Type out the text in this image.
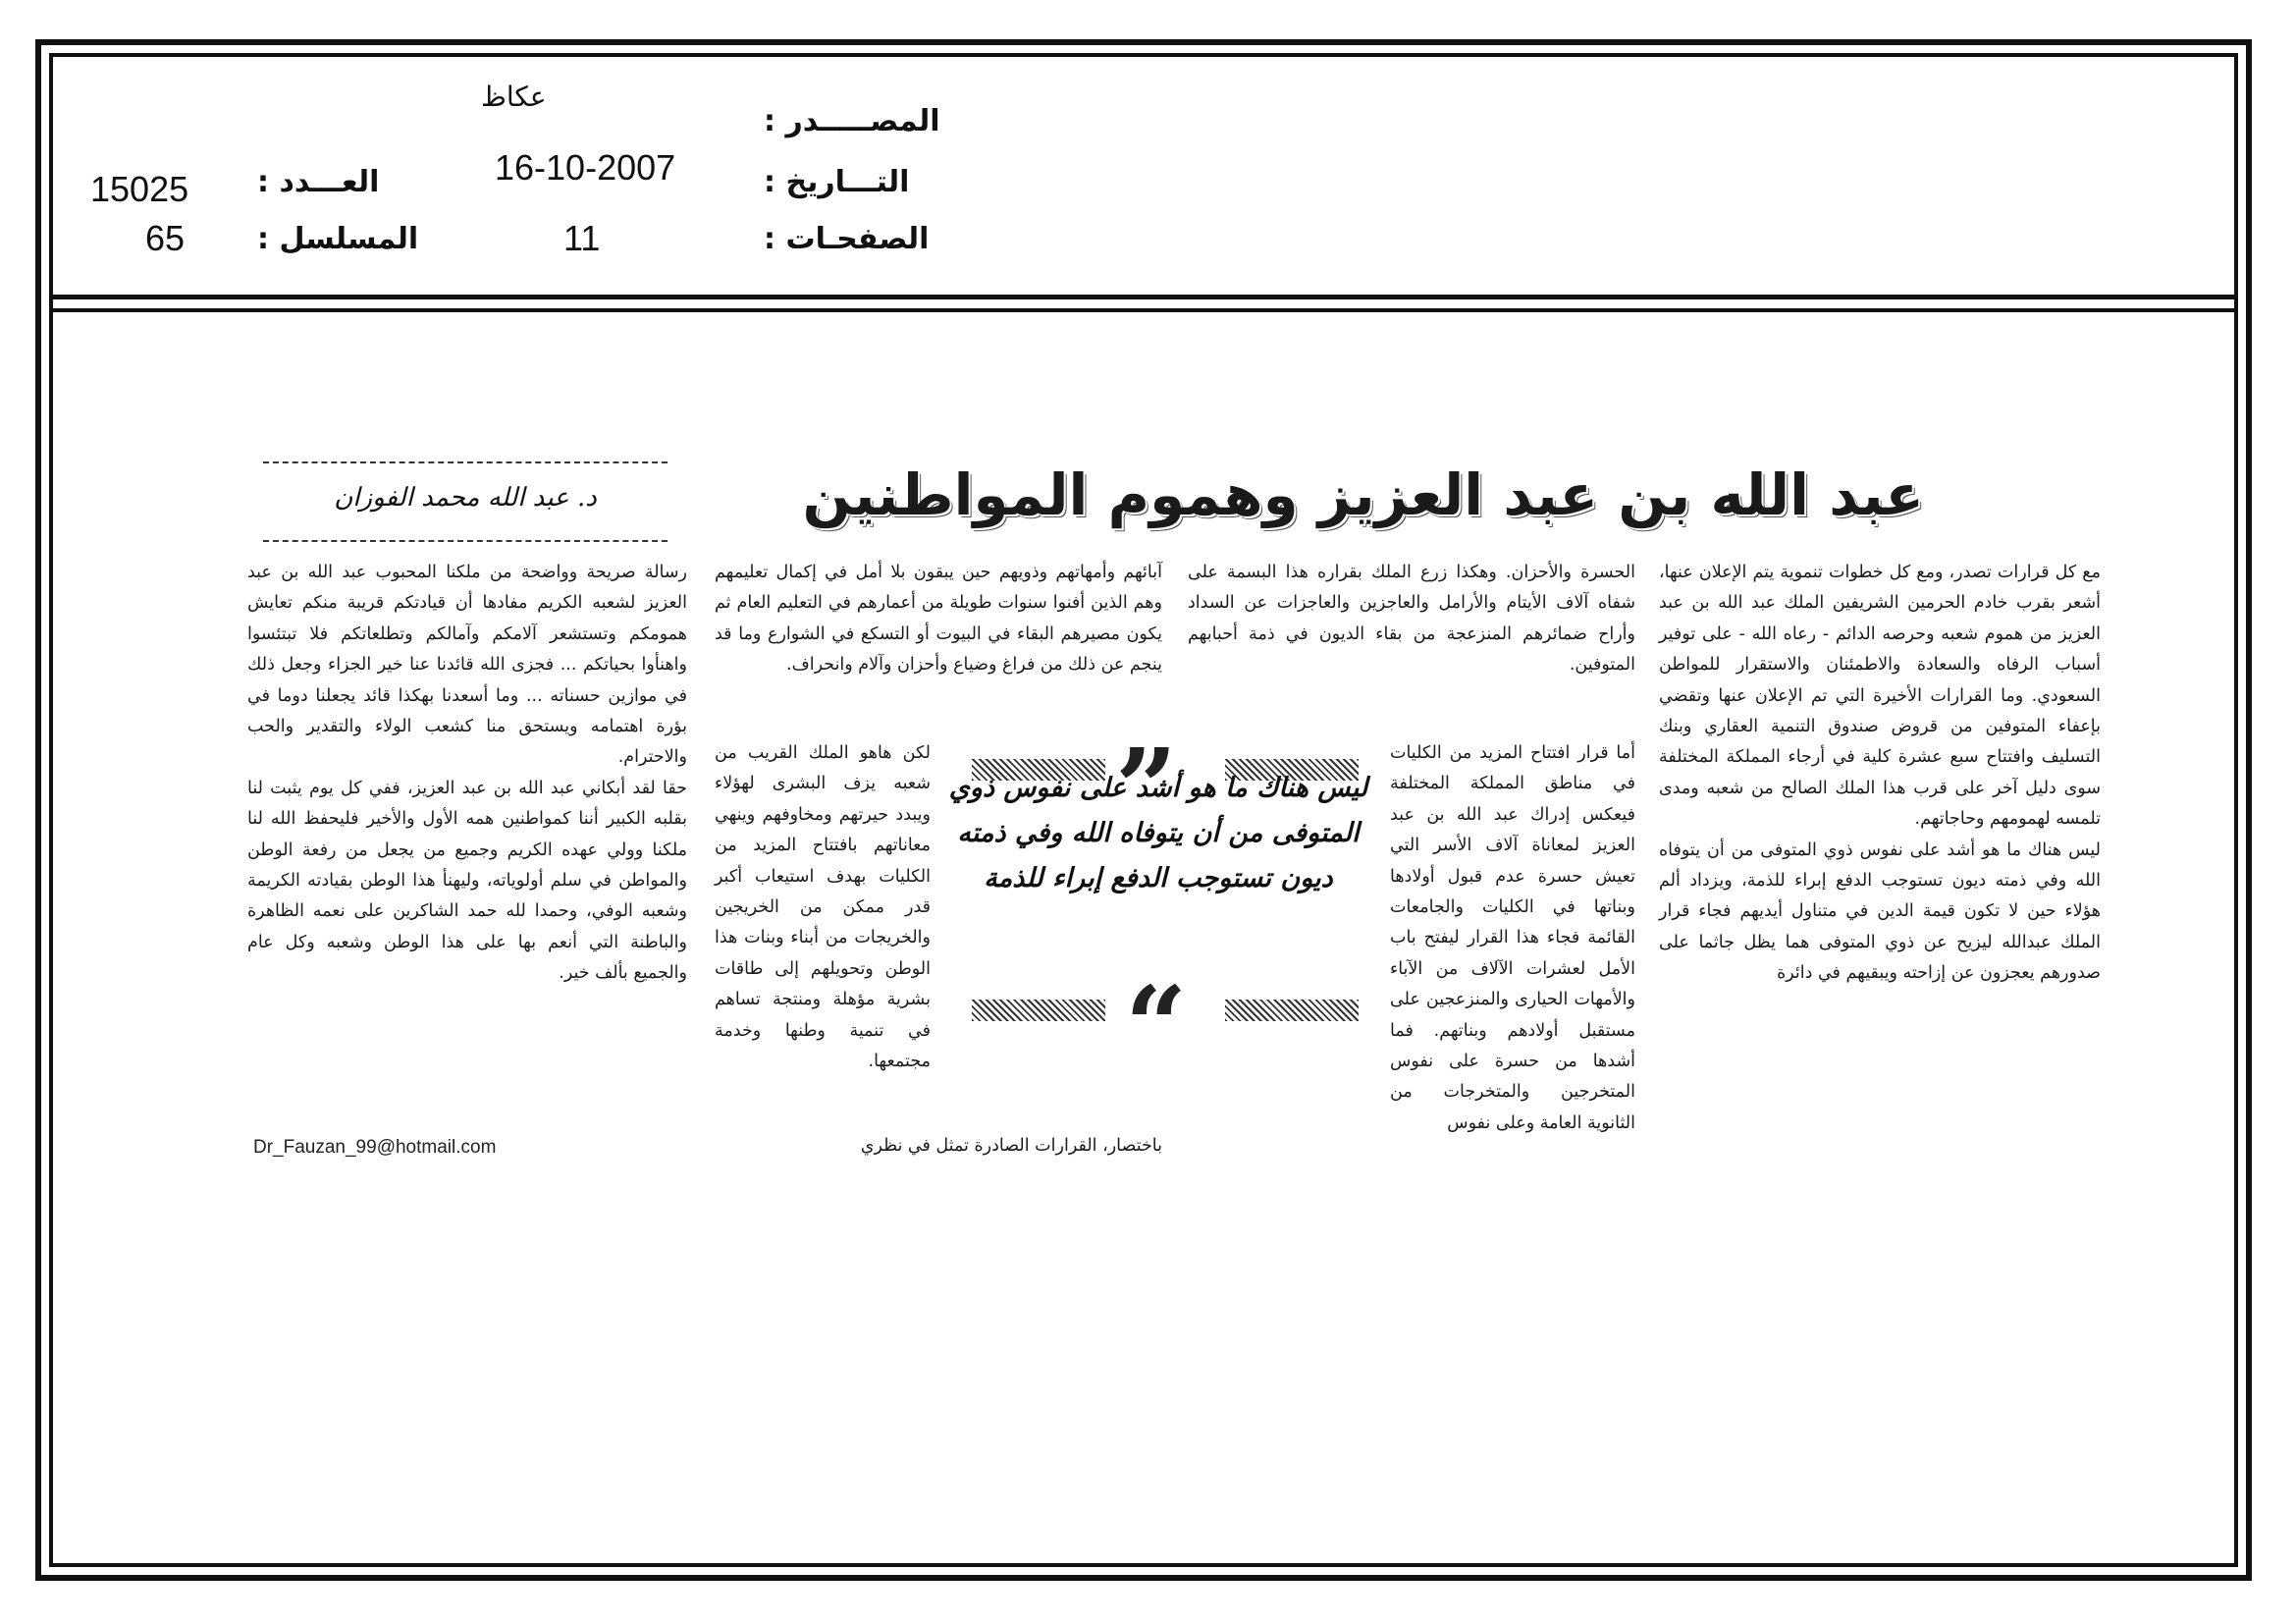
المصـــــدر :
عكاظ
التـــاريخ :
16-10-2007
الصفحـات :
11
العـــدد :
15025
المسلسل :
65
عبد الله بن عبد العزيز وهموم المواطنين
د. عبد الله محمد الفوزان

مع كل قرارات تصدر، ومع كل خطوات تنموية يتم الإعلان عنها، أشعر بقرب خادم الحرمين الشريفين الملك عبد الله بن عبد العزيز من هموم شعبه وحرصه الدائم - رعاه الله - على توفير أسباب الرفاه والسعادة والاطمئنان والاستقرار للمواطن السعودي. وما القرارات الأخيرة التي تم الإعلان عنها وتقضي بإعفاء المتوفين من قروض صندوق التنمية العقاري وبنك التسليف وافتتاح سبع عشرة كلية في أرجاء المملكة المختلفة سوى دليل آخر على قرب هذا الملك الصالح من شعبه ومدى تلمسه لهمومهم وحاجاتهم.

ليس هناك ما هو أشد على نفوس ذوي المتوفى من أن يتوفاه الله وفي ذمته ديون تستوجب الدفع إبراء للذمة، ويزداد ألم هؤلاء حين لا تكون قيمة الدين في متناول أيديهم فجاء قرار الملك عبدالله ليزيح عن ذوي المتوفى هما يظل جاثما على صدورهم يعجزون عن إزاحته ويبقيهم في دائرة

الحسرة والأحزان. وهكذا زرع الملك بقراره هذا البسمة على شفاه آلاف الأيتام والأرامل والعاجزين والعاجزات عن السداد وأراح ضمائرهم المنزعجة من بقاء الديون في ذمة أحبابهم المتوفين.

أما قرار افتتاح المزيد من الكليات في مناطق المملكة المختلفة فيعكس إدراك عبد الله بن عبد العزيز لمعاناة آلاف الأسر التي تعيش حسرة عدم قبول أولادها وبناتها في الكليات والجامعات القائمة فجاء هذا القرار ليفتح باب الأمل لعشرات الآلاف من الآباء والأمهات الحيارى والمنزعجين على مستقبل أولادهم وبناتهم. فما أشدها من حسرة على نفوس المتخرجين والمتخرجات من الثانوية العامة وعلى نفوس

آبائهم وأمهاتهم وذويهم حين يبقون بلا أمل في إكمال تعليمهم وهم الذين أفنوا سنوات طويلة من أعمارهم في التعليم العام ثم يكون مصيرهم البقاء في البيوت أو التسكع في الشوارع وما قد ينجم عن ذلك من فراغ وضياع وأحزان وآلام وانحراف.

لكن هاهو الملك القريب من شعبه يزف البشرى لهؤلاء ويبدد حيرتهم ومخاوفهم وينهي معاناتهم بافتتاح المزيد من الكليات بهدف استيعاب أكبر قدر ممكن من الخريجين والخريجات من أبناء وبنات هذا الوطن وتحويلهم إلى طاقات بشرية مؤهلة ومنتجة تساهم في تنمية وطنها وخدمة مجتمعها.

باختصار، القرارات الصادرة تمثل في نظري

رسالة صريحة وواضحة من ملكنا المحبوب عبد الله بن عبد العزيز لشعبه الكريم مفادها أن قيادتكم قريبة منكم تعايش همومكم وتستشعر آلامكم وآمالكم وتطلعاتكم فلا تبتئسوا واهنأوا بحياتكم ... فجزى الله قائدنا عنا خير الجزاء وجعل ذلك في موازين حسناته ... وما أسعدنا بهكذا قائد يجعلنا دوما في بؤرة اهتمامه ويستحق منا كشعب الولاء والتقدير والحب والاحترام.

حقا لقد أبكاني عبد الله بن عبد العزيز، ففي كل يوم يثبت لنا بقلبه الكبير أننا كمواطنين همه الأول والأخير فليحفظ الله لنا ملكنا وولي عهده الكريم وجميع من يجعل من رفعة الوطن والمواطن في سلم أولوياته، وليهنأ هذا الوطن بقيادته الكريمة وشعبه الوفي، وحمدا لله حمد الشاكرين على نعمه الظاهرة والباطنة التي أنعم بها على هذا الوطن وشعبه وكل عام والجميع بألف خير.

”
ليس هناك ما هو أشد على نفوس ذوي المتوفى من أن يتوفاه الله وفي ذمته ديون تستوجب الدفع إبراء للذمة
“
Dr_Fauzan_99@hotmail.com
